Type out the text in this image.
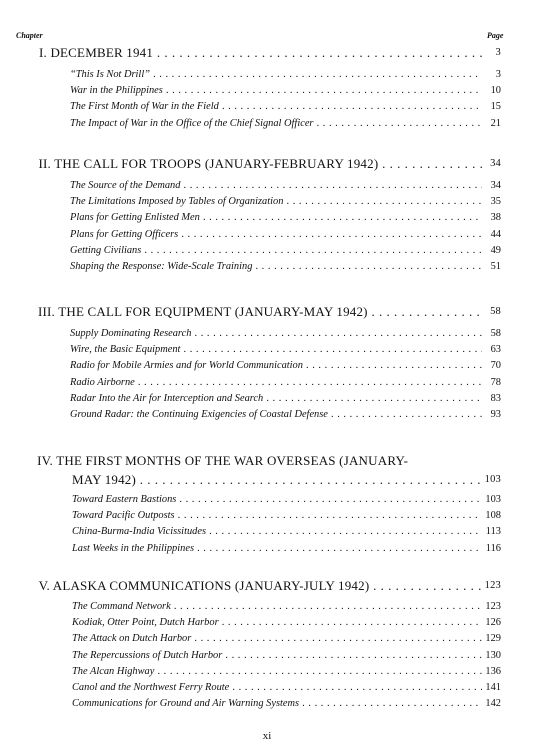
Chapter	Page
I. DECEMBER 1941 . .	3
“This Is Not Drill” . .	3
War in the Philippines . .	10
The First Month of War in the Field . .	15
The Impact of War in the Office of the Chief Signal Officer . .	21
II. THE CALL FOR TROOPS (JANUARY-FEBRUARY 1942) . .	34
The Source of the Demand . .	34
The Limitations Imposed by Tables of Organization . .	35
Plans for Getting Enlisted Men . .	38
Plans for Getting Officers . .	44
Getting Civilians . .	49
Shaping the Response: Wide-Scale Training . .	51
III. THE CALL FOR EQUIPMENT (JANUARY-MAY 1942) . .	58
Supply Dominating Research . .	58
Wire, the Basic Equipment . .	63
Radio for Mobile Armies and for World Communication . .	70
Radio Airborne . .	78
Radar Into the Air for Interception and Search . .	83
Ground Radar: the Continuing Exigencies of Coastal Defense . .	93
IV. THE FIRST MONTHS OF THE WAR OVERSEAS (JANUARY-
MAY 1942) . .	103
Toward Eastern Bastions . .	103
Toward Pacific Outposts . .	108
China-Burma-India Vicissitudes . .	113
Last Weeks in the Philippines . .	116
V. ALASKA COMMUNICATIONS (JANUARY-JULY 1942) . .	123
The Command Network . .	123
Kodiak, Otter Point, Dutch Harbor . .	126
The Attack on Dutch Harbor . .	129
The Repercussions of Dutch Harbor . .	130
The Alcan Highway . .	136
Canol and the Northwest Ferry Route . .	141
Communications for Ground and Air Warning Systems . .	142
xi
